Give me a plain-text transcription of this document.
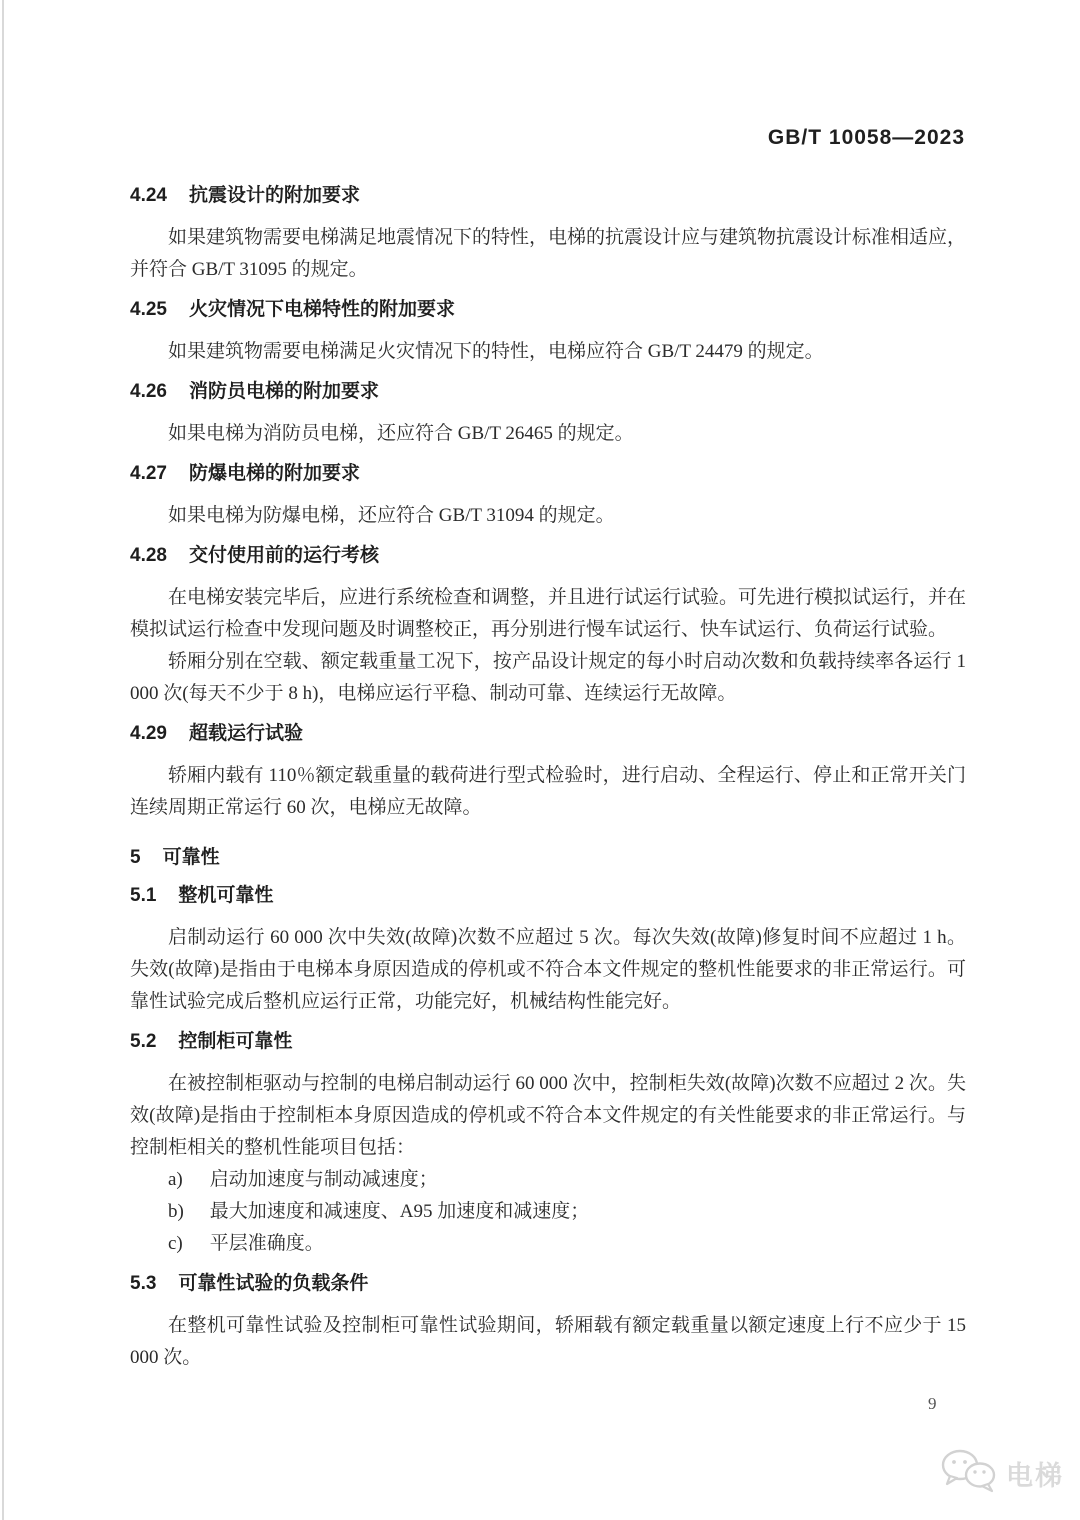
GB/T 10058—2023
4.24 抗震设计的附加要求

如果建筑物需要电梯满足地震情况下的特性，电梯的抗震设计应与建筑物抗震设计标准相适应，并符合 GB/T 31095 的规定。

4.25 火灾情况下电梯特性的附加要求

如果建筑物需要电梯满足火灾情况下的特性，电梯应符合 GB/T 24479 的规定。

4.26 消防员电梯的附加要求

如果电梯为消防员电梯，还应符合 GB/T 26465 的规定。

4.27 防爆电梯的附加要求

如果电梯为防爆电梯，还应符合 GB/T 31094 的规定。

4.28 交付使用前的运行考核

在电梯安装完毕后，应进行系统检查和调整，并且进行试运行试验。可先进行模拟试运行，并在模拟试运行检查中发现问题及时调整校正，再分别进行慢车试运行、快车试运行、负荷运行试验。

轿厢分别在空载、额定载重量工况下，按产品设计规定的每小时启动次数和负载持续率各运行 1 000 次(每天不少于 8 h)，电梯应运行平稳、制动可靠、连续运行无故障。

4.29 超载运行试验

轿厢内载有 110％额定载重量的载荷进行型式检验时，进行启动、全程运行、停止和正常开关门连续周期正常运行 60 次，电梯应无故障。

5 可靠性
5.1 整机可靠性

启制动运行 60 000 次中失效(故障)次数不应超过 5 次。每次失效(故障)修复时间不应超过 1 h。失效(故障)是指由于电梯本身原因造成的停机或不符合本文件规定的整机性能要求的非正常运行。可靠性试验完成后整机应运行正常，功能完好，机械结构性能完好。

5.2 控制柜可靠性

在被控制柜驱动与控制的电梯启制动运行 60 000 次中，控制柜失效(故障)次数不应超过 2 次。失效(故障)是指由于控制柜本身原因造成的停机或不符合本文件规定的有关性能要求的非正常运行。与控制柜相关的整机性能项目包括：

a) 启动加速度与制动减速度；
b) 最大加速度和减速度、A95 加速度和减速度；
c) 平层准确度。
5.3 可靠性试验的负载条件

在整机可靠性试验及控制柜可靠性试验期间，轿厢载有额定载重量以额定速度上行不应少于 15 000 次。

9
电梯
